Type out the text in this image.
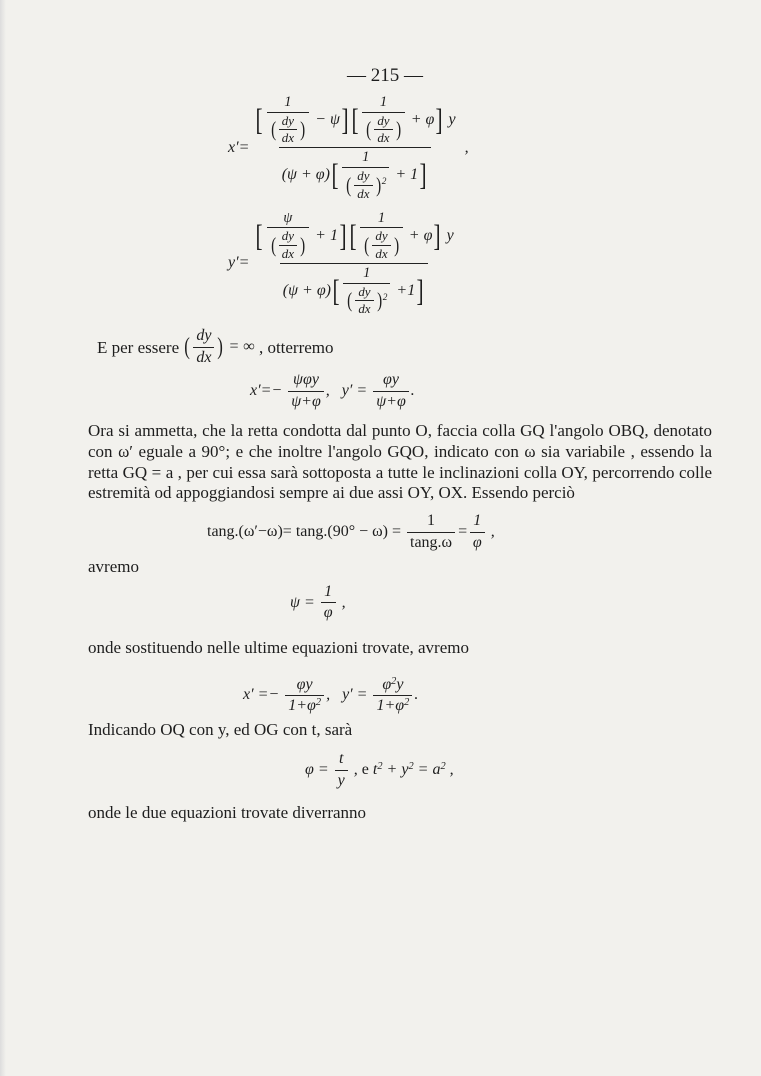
— 215 —
$x'= \frac{[ \frac{1}{( \frac{dy}{dx} )} - \psi ] [ \frac{1}{( \frac{dy}{dx} )} + \varphi ] y}{(\psi + \varphi) [ \frac{1}{( \frac{dy}{dx} ) 2} + 1 ]}$ ,
$y'= \frac{[ \frac{\psi}{( \frac{dy}{dx} )} + 1 ] [ \frac{1}{( \frac{dy}{dx} )} + \varphi ] y}{(\psi + \varphi) [ \frac{1}{( \frac{dy}{dx} ) 2} +1 ]}$
E per essere ( $\frac{dy}{dx}$ ) = ∞ , otterremo
$x'=- \frac{\text{ψφy}}{\psi+\varphi}$ , $y' = \frac{\varphi y}{\psi+\varphi}$ .
Ora si ammetta, che la retta condotta dal punto O, faccia colla GQ l'angolo OBQ, denotato con ω′ eguale a 90°; e che inoltre l'angolo GQO, indicato con ω sia variabile , essendo la retta GQ = a , per cui essa sarà sottoposta a tutte le inclinazioni colla OY, percorrendo colle estremità od appoggiandosi sempre ai due assi OY, OX. Essendo perciò
$\tan g.(\omega'-\omega)= \tan g.(90^\circ - \omega) = \frac{1}{\tan g.\omega} = \frac{1}{\varphi}$ ,
avremo
$\psi = \frac{1}{\varphi}$ ,
onde sostituendo nelle ultime equazioni trovate, avremo
$x' =- \frac{\varphi y}{1+\varphi 2}$ , $y' = \frac{\varphi 2 y}{1+\varphi 2}$ .
Indicando OQ con y, ed OG con t, sarà
$\varphi = \frac{t}{y}$ , e t 2 + y 2 = a 2 ,
onde le due equazioni trovate diverranno
